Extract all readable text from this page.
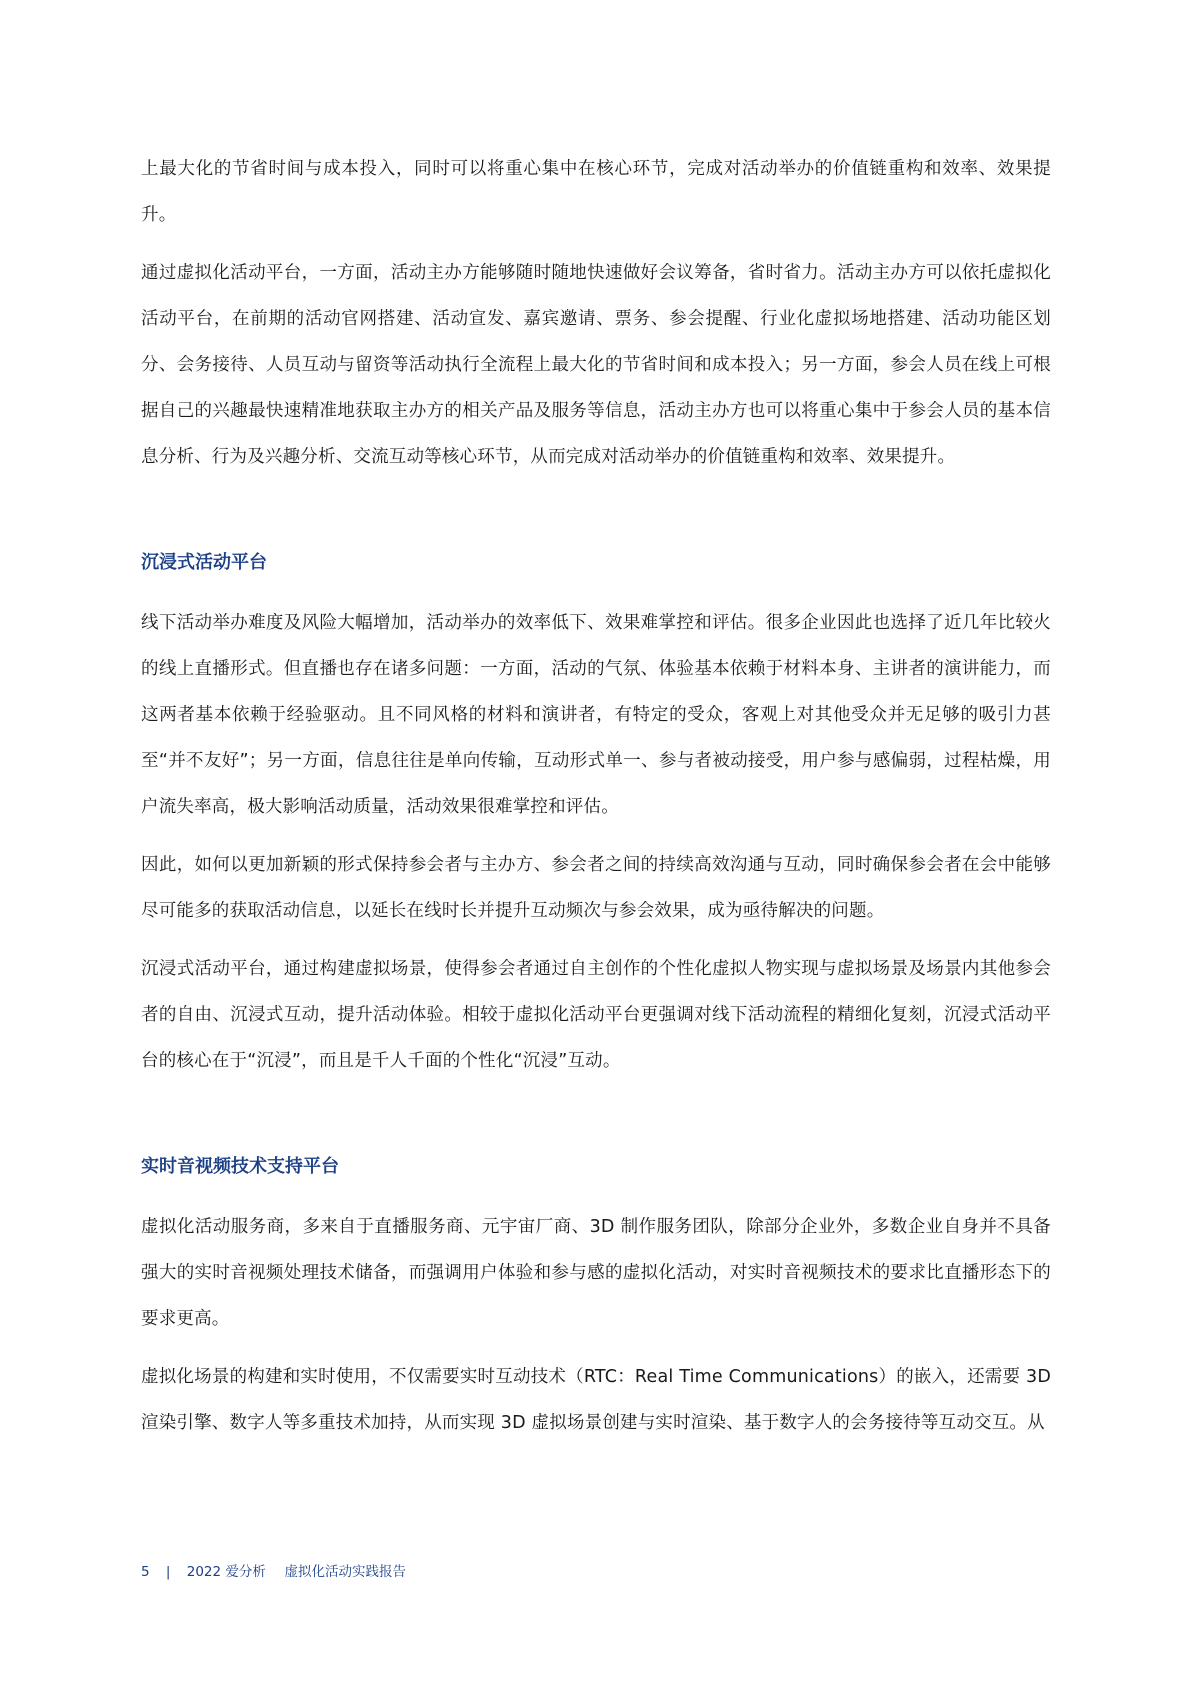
上最大化的节省时间与成本投入，同时可以将重心集中在核心环节，完成对活动举办的价值链重构和效率、效果提升。

通过虚拟化活动平台，一方面，活动主办方能够随时随地快速做好会议筹备，省时省力。活动主办方可以依托虚拟化活动平台，在前期的活动官网搭建、活动宣发、嘉宾邀请、票务、参会提醒、行业化虚拟场地搭建、活动功能区划分、会务接待、人员互动与留资等活动执行全流程上最大化的节省时间和成本投入；另一方面，参会人员在线上可根据自己的兴趣最快速精准地获取主办方的相关产品及服务等信息，活动主办方也可以将重心集中于参会人员的基本信息分析、行为及兴趣分析、交流互动等核心环节，从而完成对活动举办的价值链重构和效率、效果提升。

沉浸式活动平台

线下活动举办难度及风险大幅增加，活动举办的效率低下、效果难掌控和评估。很多企业因此也选择了近几年比较火的线上直播形式。但直播也存在诸多问题：一方面，活动的气氛、体验基本依赖于材料本身、主讲者的演讲能力，而这两者基本依赖于经验驱动。且不同风格的材料和演讲者，有特定的受众，客观上对其他受众并无足够的吸引力甚至“并不友好”；另一方面，信息往往是单向传输，互动形式单一、参与者被动接受，用户参与感偏弱，过程枯燥，用户流失率高，极大影响活动质量，活动效果很难掌控和评估。

因此，如何以更加新颖的形式保持参会者与主办方、参会者之间的持续高效沟通与互动，同时确保参会者在会中能够尽可能多的获取活动信息，以延长在线时长并提升互动频次与参会效果，成为亟待解决的问题。

沉浸式活动平台，通过构建虚拟场景，使得参会者通过自主创作的个性化虚拟人物实现与虚拟场景及场景内其他参会者的自由、沉浸式互动，提升活动体验。相较于虚拟化活动平台更强调对线下活动流程的精细化复刻，沉浸式活动平台的核心在于“沉浸”，而且是千人千面的个性化“沉浸”互动。

实时音视频技术支持平台

虚拟化活动服务商，多来自于直播服务商、元宇宙厂商、3D 制作服务团队，除部分企业外，多数企业自身并不具备强大的实时音视频处理技术储备，而强调用户体验和参与感的虚拟化活动，对实时音视频技术的要求比直播形态下的要求更高。

虚拟化场景的构建和实时使用，不仅需要实时互动技术（RTC：Real Time Communications）的嵌入，还需要 3D 渲染引擎、数字人等多重技术加持，从而实现 3D 虚拟场景创建与实时渲染、基于数字人的会务接待等互动交互。从

5 | 2022 爱分析 虚拟化活动实践报告
